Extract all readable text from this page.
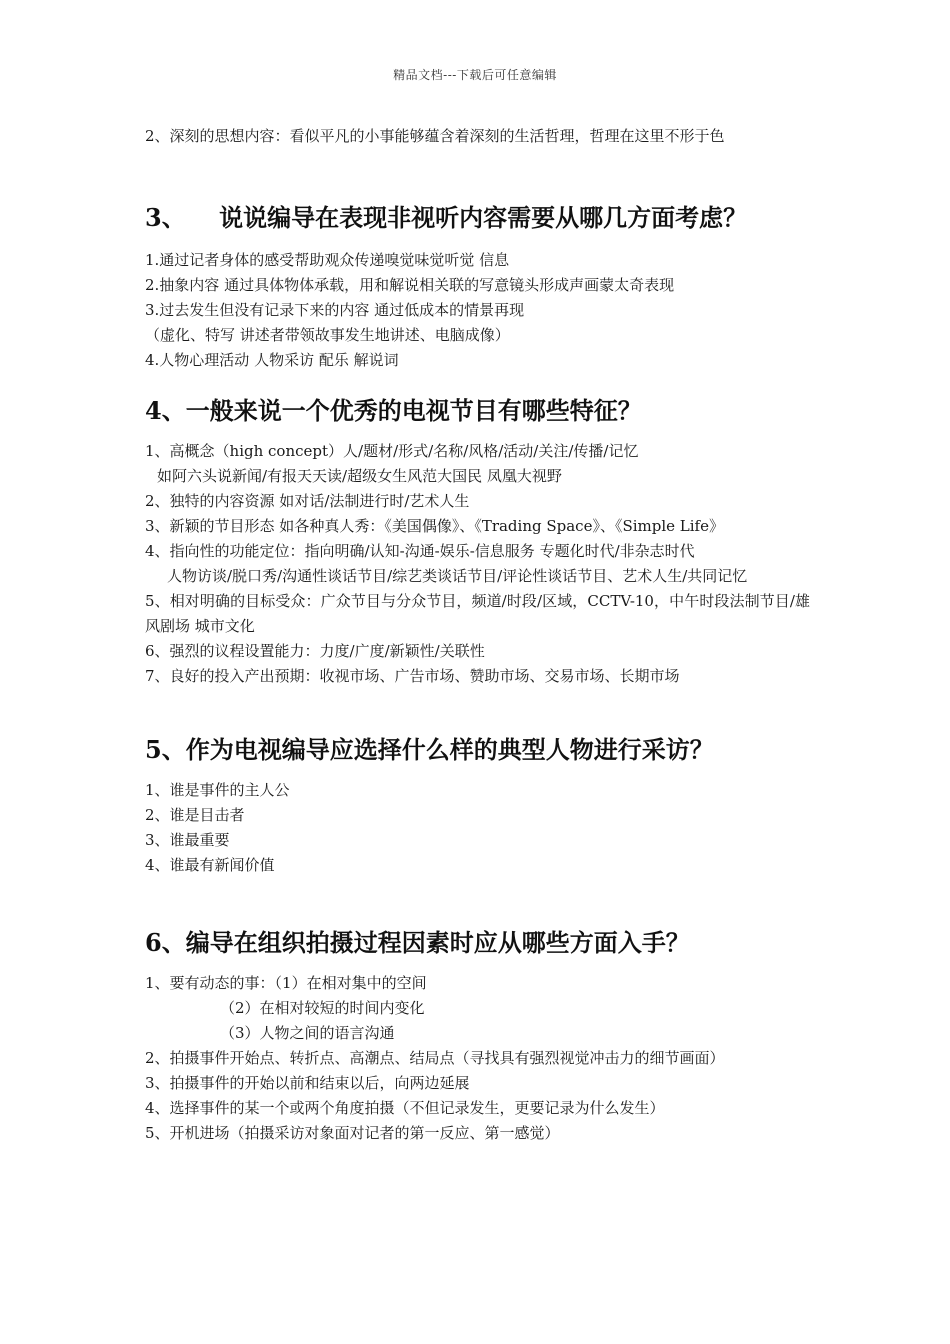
精品文档---下载后可任意编辑
2、深刻的思想内容：看似平凡的小事能够蕴含着深刻的生活哲理，哲理在这里不形于色
3、    说说编导在表现非视听内容需要从哪几方面考虑？
1.通过记者身体的感受帮助观众传递嗅觉味觉听觉 信息
2.抽象内容 通过具体物体承载，用和解说相关联的写意镜头形成声画蒙太奇表现
3.过去发生但没有记录下来的内容 通过低成本的情景再现
（虚化、特写 讲述者带领故事发生地讲述、电脑成像）
4.人物心理活动 人物采访 配乐 解说词
4、一般来说一个优秀的电视节目有哪些特征？
1、高概念（high concept）人/题材/形式/名称/风格/活动/关注/传播/记忆
如阿六头说新闻/有报天天读/超级女生风范大国民 凤凰大视野
2、独特的内容资源 如对话/法制进行时/艺术人生
3、新颖的节目形态 如各种真人秀：《美国偶像》、《Trading Space》、《Simple Life》
4、指向性的功能定位：指向明确/认知-沟通-娱乐-信息服务 专题化时代/非杂志时代
人物访谈/脱口秀/沟通性谈话节目/综艺类谈话节目/评论性谈话节目、艺术人生/共同记忆
5、相对明确的目标受众：广众节目与分众节目，频道/时段/区域，CCTV-10，中午时段法制节目/雄风剧场 城市文化
6、强烈的议程设置能力：力度/广度/新颖性/关联性
7、良好的投入产出预期：收视市场、广告市场、赞助市场、交易市场、长期市场
5、作为电视编导应选择什么样的典型人物进行采访？
1、谁是事件的主人公
2、谁是目击者
3、谁最重要
4、谁最有新闻价值
6、编导在组织拍摄过程因素时应从哪些方面入手？
1、要有动态的事：（1）在相对集中的空间
（2）在相对较短的时间内变化
（3）人物之间的语言沟通
2、拍摄事件开始点、转折点、高潮点、结局点（寻找具有强烈视觉冲击力的细节画面）
3、拍摄事件的开始以前和结束以后，向两边延展
4、选择事件的某一个或两个角度拍摄（不但记录发生，更要记录为什么发生）
5、开机进场（拍摄采访对象面对记者的第一反应、第一感觉）
